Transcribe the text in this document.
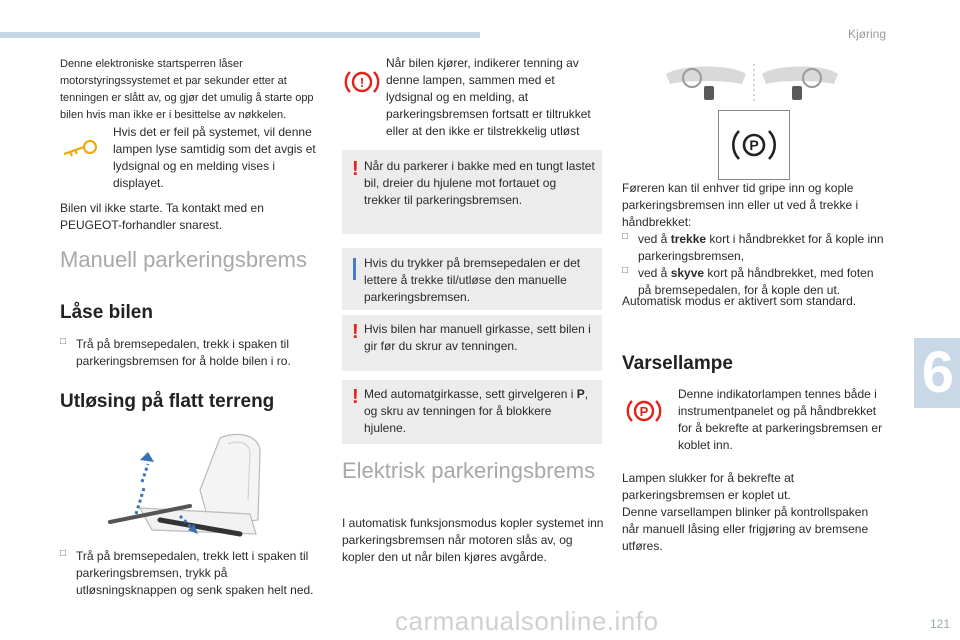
Kjøring
6
121
carmanualsonline.info

Denne elektroniske startsperren låser motorstyringssystemet et par sekunder etter at tenningen er slått av, og gjør det umulig å starte opp bilen hvis man ikke er i besittelse av nøkkelen.

Hvis det er feil på systemet, vil denne lampen lyse samtidig som det avgis et lydsignal og en melding vises i displayet.

Bilen vil ikke starte. Ta kontakt med en PEUGEOT-forhandler snarest.

Manuell parkeringsbrems
Låse bilen
□ Trå på bremsepedalen, trekk i spaken til parkeringsbremsen for å holde bilen i ro.

Utløsing på flatt terreng
□ Trå på bremsepedalen, trekk lett i spaken til parkeringsbremsen, trykk på utløsningsknappen og senk spaken helt ned.

!

Når bilen kjører, indikerer tenning av denne lampen, sammen med et lydsignal og en melding, at parkeringsbremsen fortsatt er tiltrukket eller at den ikke er tilstrekkelig utløst

! Når du parkerer i bakke med en tungt lastet bil, dreier du hjulene mot fortauet og trekker til parkeringsbremsen.

Hvis du trykker på bremsepedalen er det lettere å trekke til/utløse den manuelle parkeringsbremsen.

! Hvis bilen har manuell girkasse, sett bilen i gir før du skrur av tenningen.

! Med automatgirkasse, sett girvelgeren i P, og skru av tenningen for å blokkere hjulene.

Elektrisk parkeringsbrems

I automatisk funksjonsmodus kopler systemet inn parkeringsbremsen når motoren slås av, og kopler den ut når bilen kjøres avgårde.

P

Føreren kan til enhver tid gripe inn og kople parkeringsbremsen inn eller ut ved å trekke i håndbrekket:

□ ved å trekke kort i håndbrekket for å kople inn parkeringsbremsen,

□ ved å skyve kort på håndbrekket, med foten på bremsepedalen, for å kople den ut.

Automatisk modus er aktivert som standard.

Varsellampe
P

Denne indikatorlampen tennes både i instrumentpanelet og på håndbrekket for å bekrefte at parkeringsbremsen er koblet inn.

Lampen slukker for å bekrefte at parkeringsbremsen er koplet ut.

Denne varsellampen blinker på kontrollspaken når manuell låsing eller frigjøring av bremsene utføres.
